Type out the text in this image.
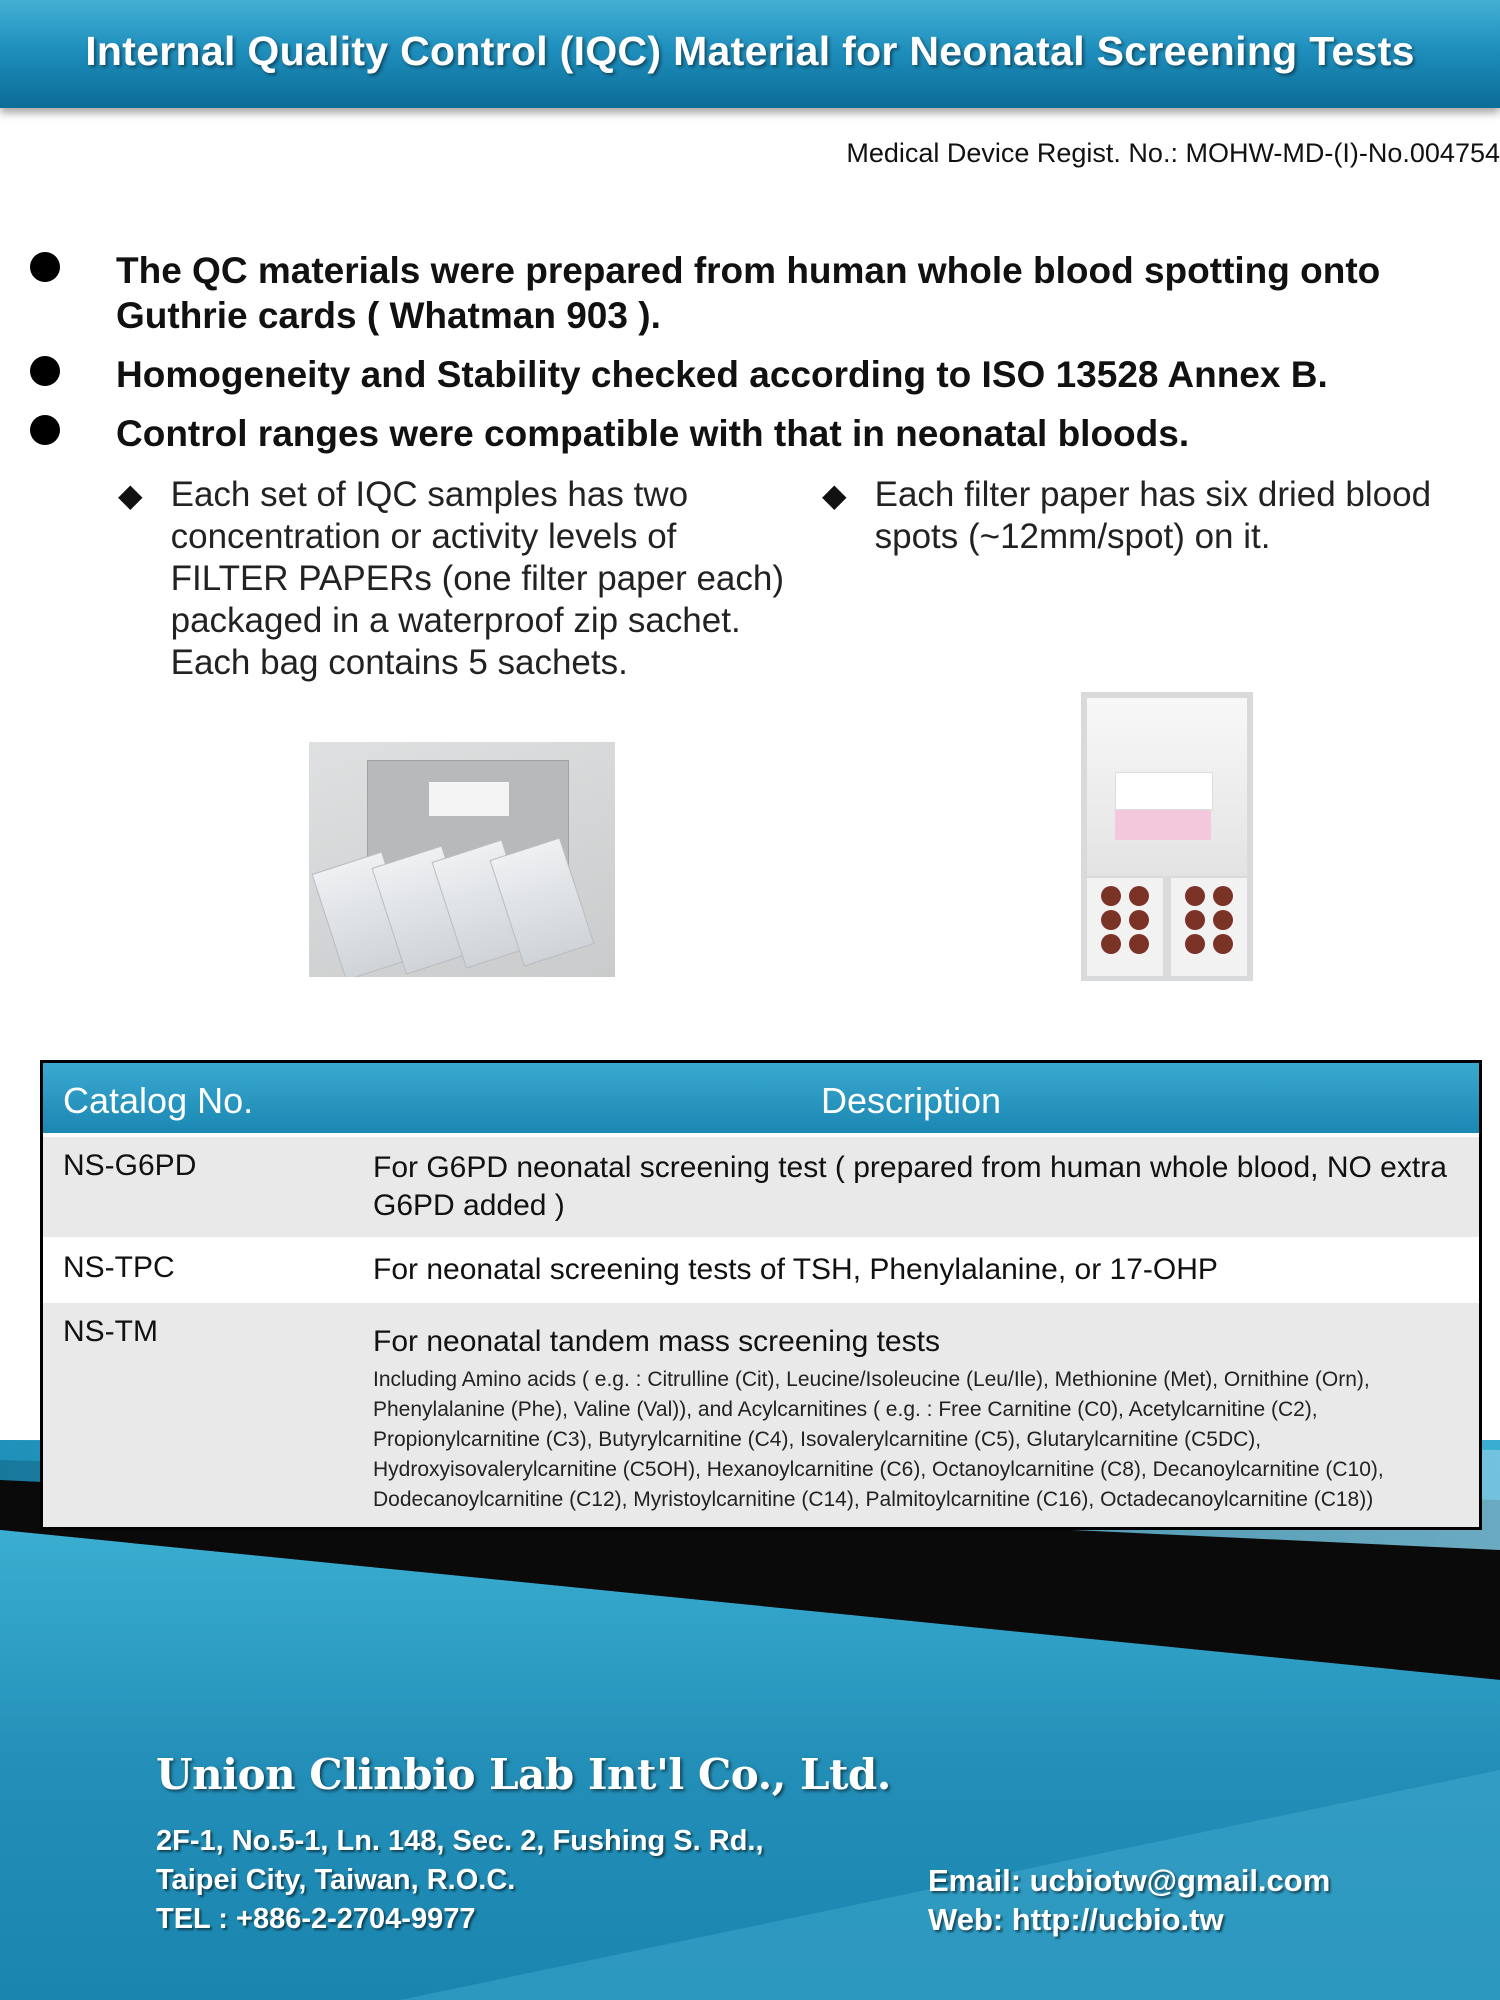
Internal Quality Control (IQC) Material for Neonatal Screening Tests
Medical Device Regist. No.: MOHW-MD-(I)-No.004754
The QC materials were prepared from human whole blood spotting onto Guthrie cards ( Whatman 903 ).
Homogeneity and Stability checked according to ISO 13528 Annex B.
Control ranges were compatible with that in neonatal bloods.
◆ Each set of IQC samples has two concentration or activity levels of FILTER PAPERs (one filter paper each) packaged in a waterproof zip sachet. Each bag contains 5 sachets.
◆ Each filter paper has six dried blood spots (~12mm/spot) on it.
Catalog No.	Description
NS-G6PD	For G6PD neonatal screening test ( prepared from human whole blood, NO extra G6PD added )
NS-TPC	For neonatal screening tests of TSH, Phenylalanine, or 17-OHP
NS-TM	For neonatal tandem mass screening tests
Including Amino acids ( e.g. : Citrulline (Cit), Leucine/Isoleucine (Leu/Ile), Methionine (Met), Ornithine (Orn), Phenylalanine (Phe), Valine (Val)), and Acylcarnitines ( e.g. : Free Carnitine (C0), Acetylcarnitine (C2), Propionylcarnitine (C3), Butyrylcarnitine (C4), Isovalerylcarnitine (C5), Glutarylcarnitine (C5DC), Hydroxyisovalerylcarnitine (C5OH), Hexanoylcarnitine (C6), Octanoylcarnitine (C8), Decanoylcarnitine (C10), Dodecanoylcarnitine (C12), Myristoylcarnitine (C14), Palmitoylcarnitine (C16), Octadecanoylcarnitine (C18))
Union Clinbio Lab Int'l Co., Ltd.
2F-1, No.5-1, Ln. 148, Sec. 2, Fushing S. Rd.,
Taipei City, Taiwan, R.O.C.
TEL : +886-2-2704-9977
Email: ucbiotw@gmail.com
Web: http://ucbio.tw
